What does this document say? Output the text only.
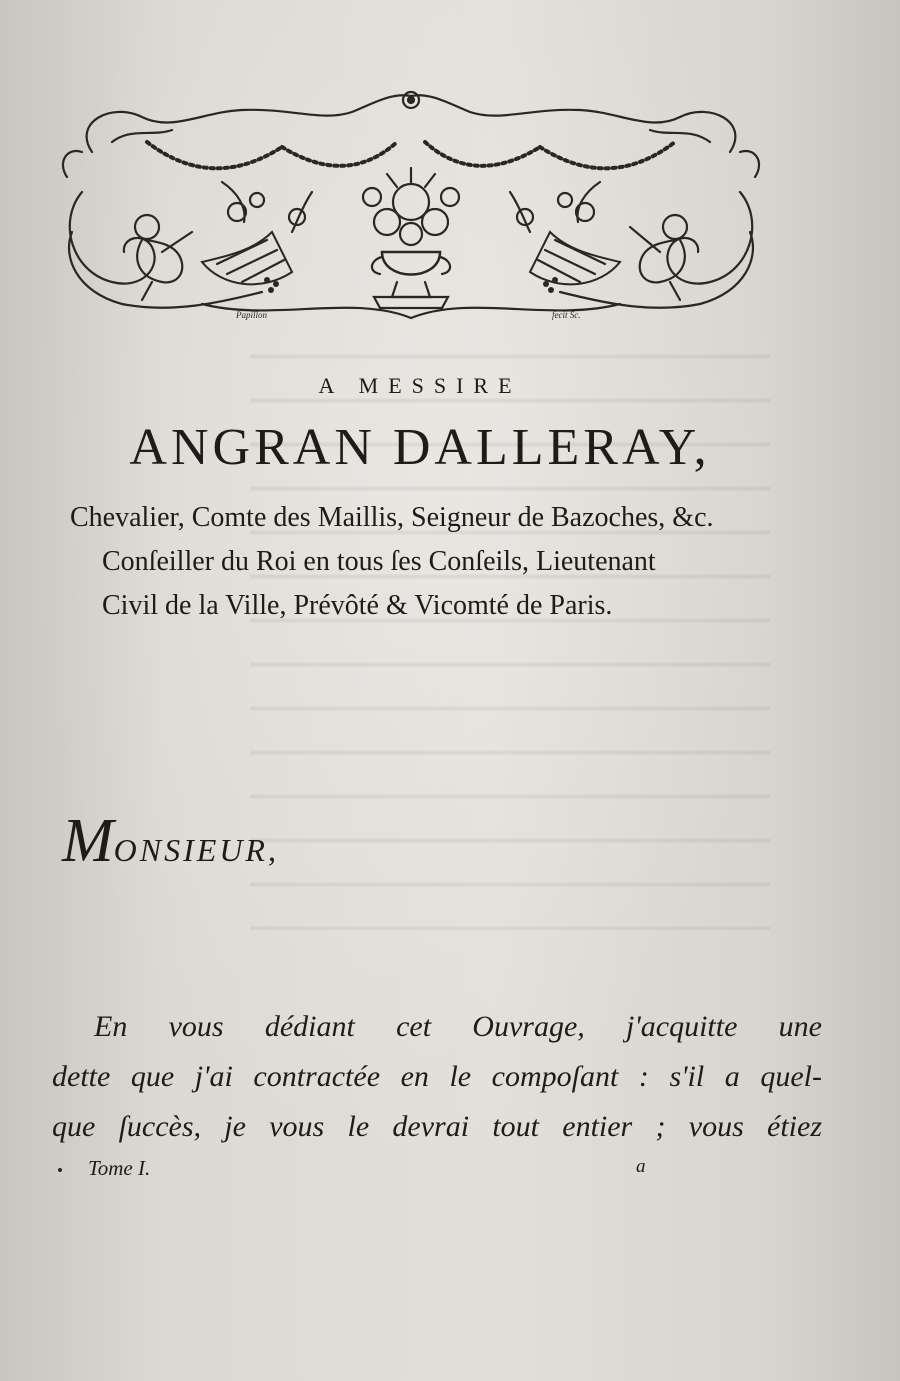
Papillon	fecit Sc.
A MESSIRE
ANGRAN DALLERAY,
Chevalier, Comte des Maillis, Seigneur de Bazoches, &c.
Conſeiller du Roi en tous ſes Conſeils, Lieutenant
Civil de la Ville, Prévôté & Vicomté de Paris.
MONSIEUR,
En vous dédiant cet Ouvrage, j'acquitte une
dette que j'ai contractée en le compoſant : s'il a quel-
que ſuccès, je vous le devrai tout entier ; vous étiez
Tome I.	a
